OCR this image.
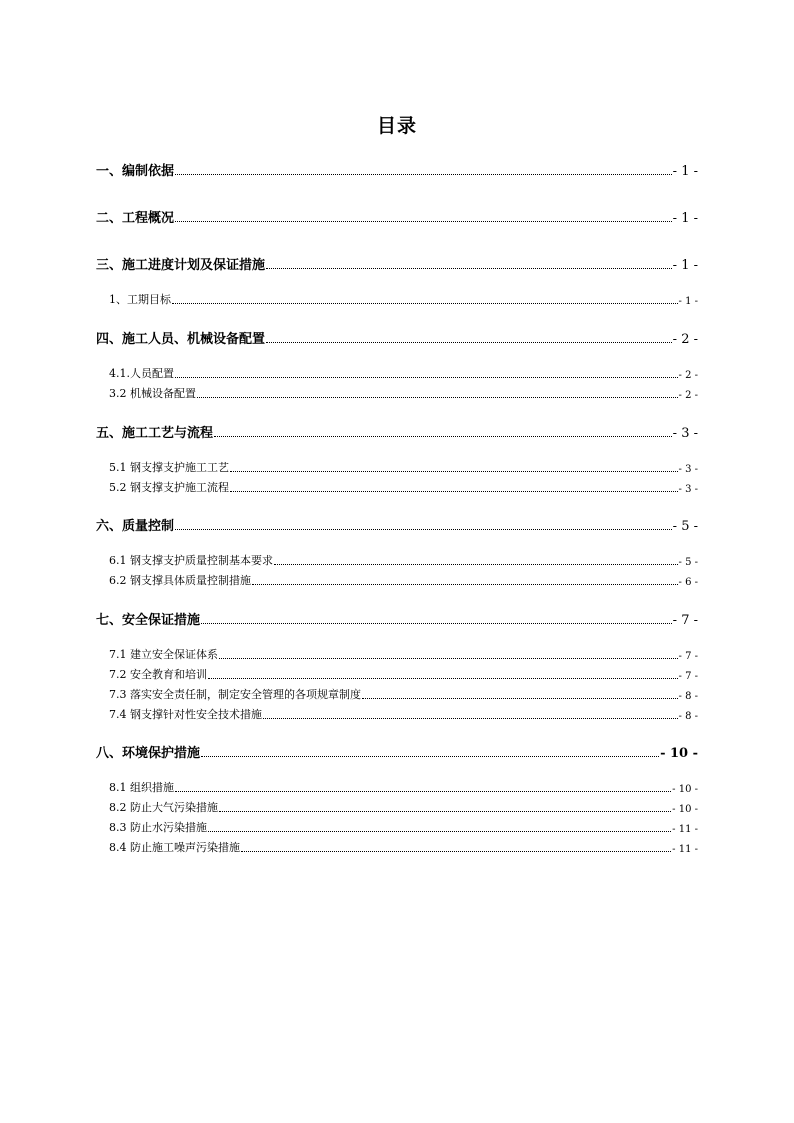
目录
一、编制依据	- 1 -
二、工程概况	- 1 -
三、施工进度计划及保证措施	- 1 -
1、工期目标	- 1 -
四、施工人员、机械设备配置	- 2 -
4.1.人员配置	- 2 -
3.2 机械设备配置	- 2 -
五、施工工艺与流程	- 3 -
5.1 钢支撑支护施工工艺	- 3 -
5.2 钢支撑支护施工流程	- 3 -
六、质量控制	- 5 -
6.1 钢支撑支护质量控制基本要求	- 5 -
6.2 钢支撑具体质量控制措施	- 6 -
七、安全保证措施	- 7 -
7.1 建立安全保证体系	- 7 -
7.2 安全教育和培训	- 7 -
7.3 落实安全责任制，制定安全管理的各项规章制度	- 8 -
7.4 钢支撑针对性安全技术措施	- 8 -
八、环境保护措施	- 10 -
8.1 组织措施	- 10 -
8.2 防止大气污染措施	- 10 -
8.3 防止水污染措施	- 11 -
8.4 防止施工噪声污染措施	- 11 -
